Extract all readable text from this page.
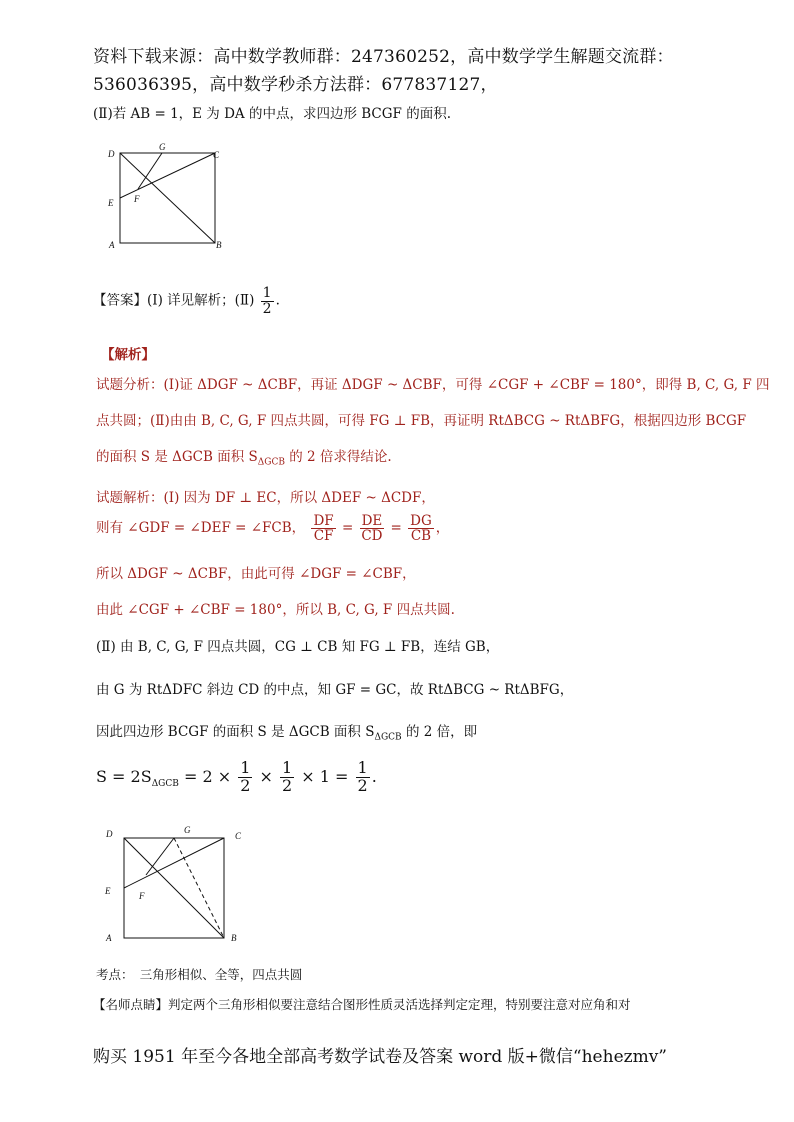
资料下载来源：高中数学教师群：247360252，高中数学学生解题交流群：
536036395，高中数学秒杀方法群：677837127，
(Ⅱ)若 AB = 1，E 为 DA 的中点，求四边形 BCGF 的面积.
D
G
C
E F
A	B
【答案】(Ⅰ) 详见解析；(Ⅱ) $\frac{1}{2}$ .
【解析】
试题分析：(Ⅰ)证 ΔDGF ~ ΔCBF，再证 ΔDGF ~ ΔCBF，可得 ∠CGF + ∠CBF = 180°，即得 B, C, G, F 四
点共圆；(Ⅱ)由由 B, C, G, F 四点共圆，可得 FG ⊥ FB，再证明 RtΔBCG ~ RtΔBFG，根据四边形 BCGF
的面积 S 是 ΔGCB 面积 $S_{\Delta GCB}$ 的 2 倍求得结论.
试题解析：(Ⅰ) 因为 DF ⊥ EC，所以 ΔDEF ~ ΔCDF，
则有 ∠GDF = ∠DEF = ∠FCB， $\frac{DF}{CF} = \frac{DE}{CD} = \frac{DG}{CB}$ ，
所以 ΔDGF ~ ΔCBF，由此可得 ∠DGF = ∠CBF，
由此 ∠CGF + ∠CBF = 180°，所以 B, C, G, F 四点共圆.
(Ⅱ) 由 B, C, G, F 四点共圆，CG ⊥ CB 知 FG ⊥ FB，连结 GB，
由 G 为 RtΔDFC 斜边 CD 的中点，知 GF = GC，故 RtΔBCG ~ RtΔBFG，
因此四边形 BCGF 的面积 S 是 ΔGCB 面积 $S_{\Delta GCB}$ 的 2 倍，即
$S = 2S_{\Delta GCB} = 2 \times \frac{1}{2} \times \frac{1}{2} \times 1 = \frac{1}{2}$ .
D	G
C
E	F
A	B
考点：　三角形相似、全等，四点共圆
【名师点睛】判定两个三角形相似要注意结合图形性质灵活选择判定定理，特别要注意对应角和对
购买 1951 年至今各地全部高考数学试卷及答案 word 版+微信“hehezmv”
